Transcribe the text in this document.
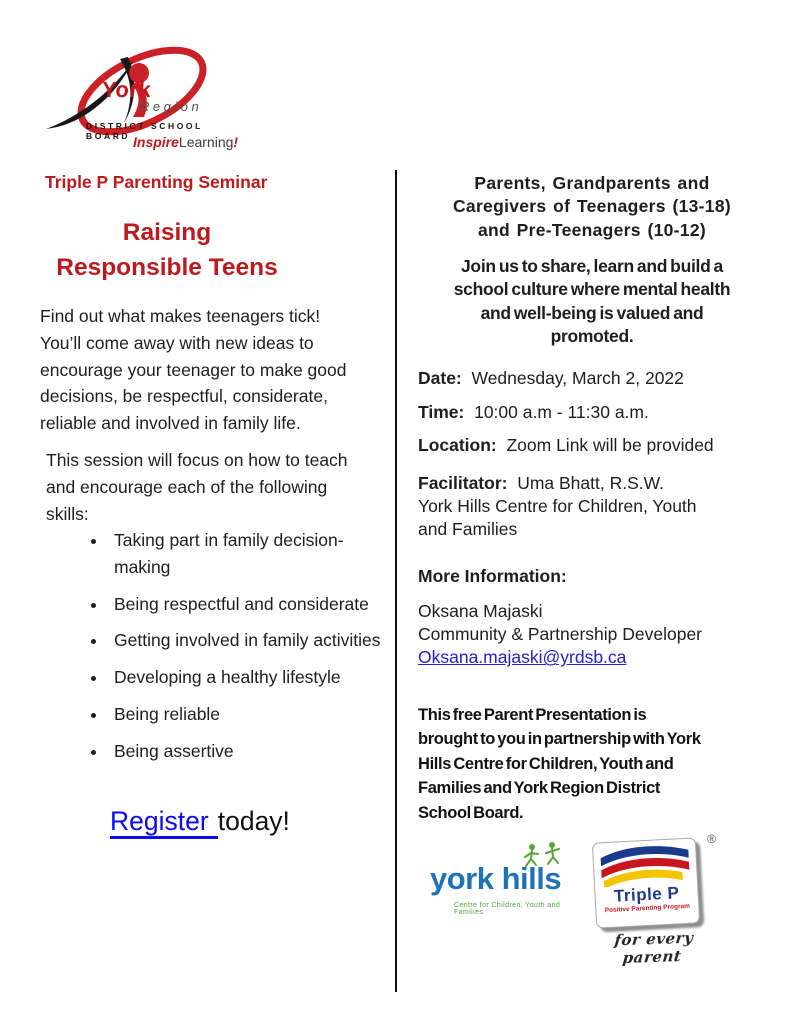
York
Region
DISTRICT SCHOOL BOARD InspireLearning!
Triple P Parenting Seminar
Raising
Responsible Teens
Find out what makes teenagers tick!
You’ll come away with new ideas to
encourage your teenager to make good
decisions, be respectful, considerate,
reliable and involved in family life.
This session will focus on how to teach
and encourage each of the following
skills:
• Taking part in family decision-making
• Being respectful and considerate
• Getting involved in family activities
• Developing a healthy lifestyle
• Being reliable
• Being assertive
Register today!
Parents, Grandparents and
Caregivers of Teenagers (13-18)
and Pre-Teenagers (10-12)
Join us to share, learn and build a
school culture where mental health
and well-being is valued and
promoted.
Date: Wednesday, March 2, 2022
Time: 10:00 a.m - 11:30 a.m.
Location: Zoom Link will be provided
Facilitator: Uma Bhatt, R.S.W.
York Hills Centre for Children, Youth
and Families
More Information:
Oksana Majaski
Community & Partnership Developer
Oksana.majaski@yrdsb.ca
This free Parent Presentation is
brought to you in partnership with York
Hills Centre for Children, Youth and
Families and York Region District
School Board.
york hills
Centre for Children, Youth and Families
Triple P
Positive Parenting Program
®
for every parent
